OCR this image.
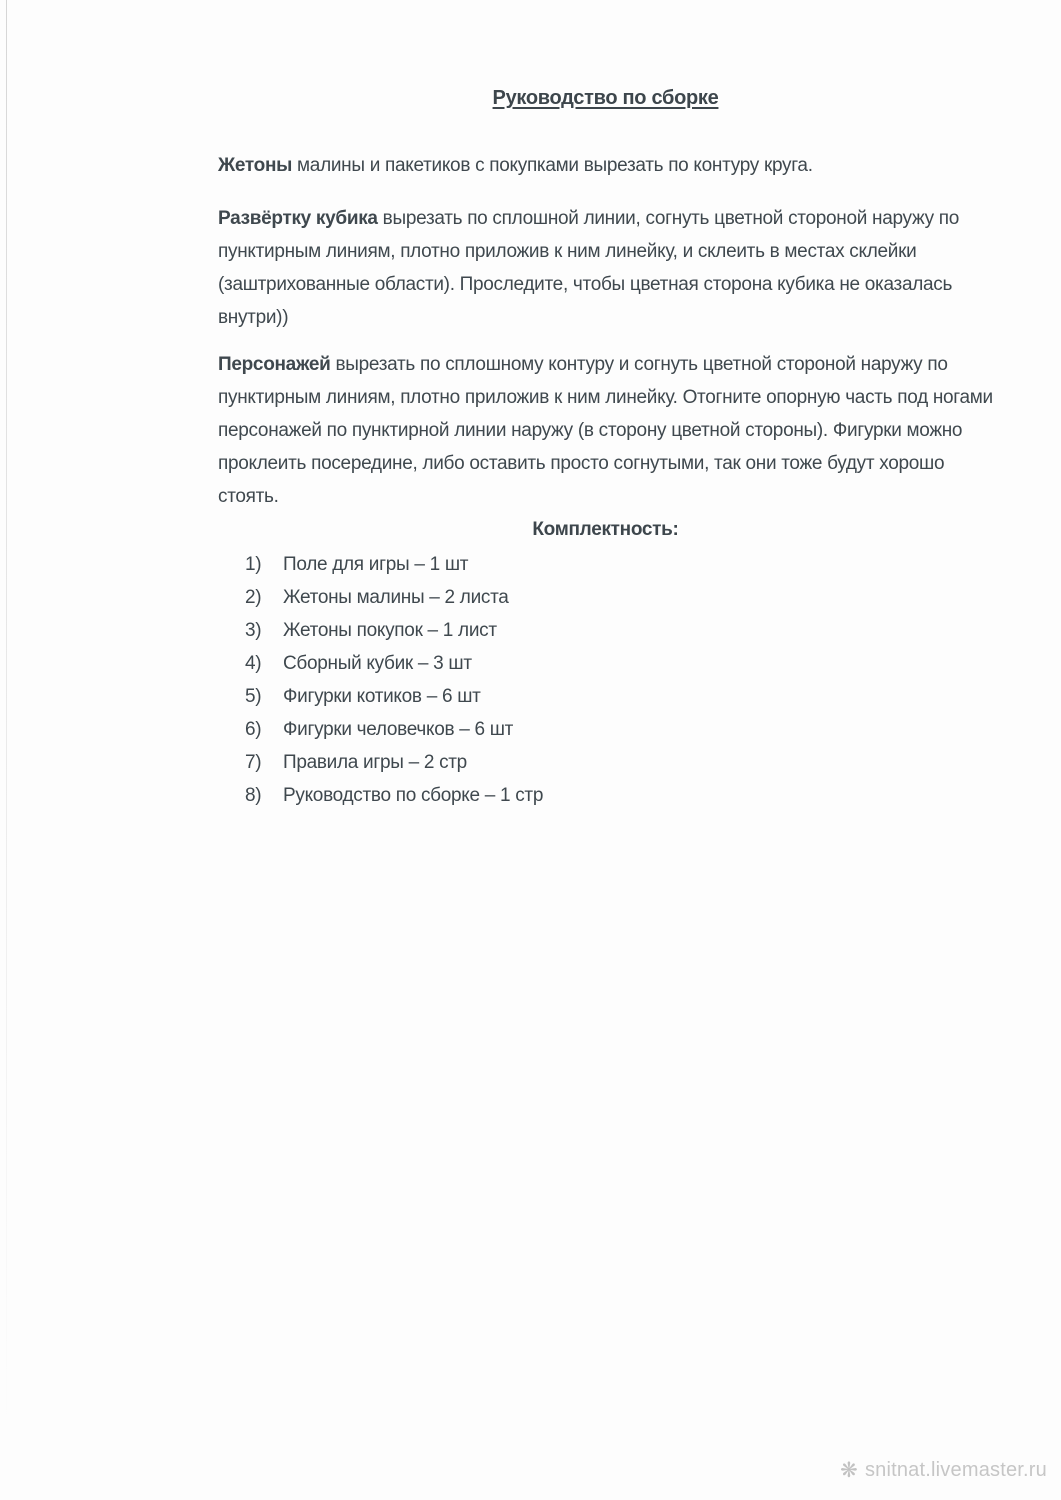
Руководство по сборке

Жетоны малины и пакетиков с покупками вырезать по контуру круга.

Развёртку кубика вырезать по сплошной линии, согнуть цветной стороной наружу по пунктирным линиям, плотно приложив к ним линейку, и склеить в местах склейки (заштрихованные области). Проследите, чтобы цветная сторона кубика не оказалась внутри))

Персонажей вырезать по сплошному контуру и согнуть цветной стороной наружу по пунктирным линиям, плотно приложив к ним линейку. Отогните опорную часть под ногами персонажей по пунктирной линии наружу (в сторону цветной стороны). Фигурки можно проклеить посередине, либо оставить просто согнутыми, так они тоже будут хорошо стоять.

Комплектность:
1)	Поле для игры – 1 шт
2)	Жетоны малины – 2 листа
3)	Жетоны покупок – 1 лист
4)	Сборный кубик – 3 шт
5)	Фигурки котиков – 6 шт
6)	Фигурки человечков – 6 шт
7)	Правила игры – 2 стр
8)	Руководство по сборке – 1 стр
❋ snitnat.livemaster.ru
